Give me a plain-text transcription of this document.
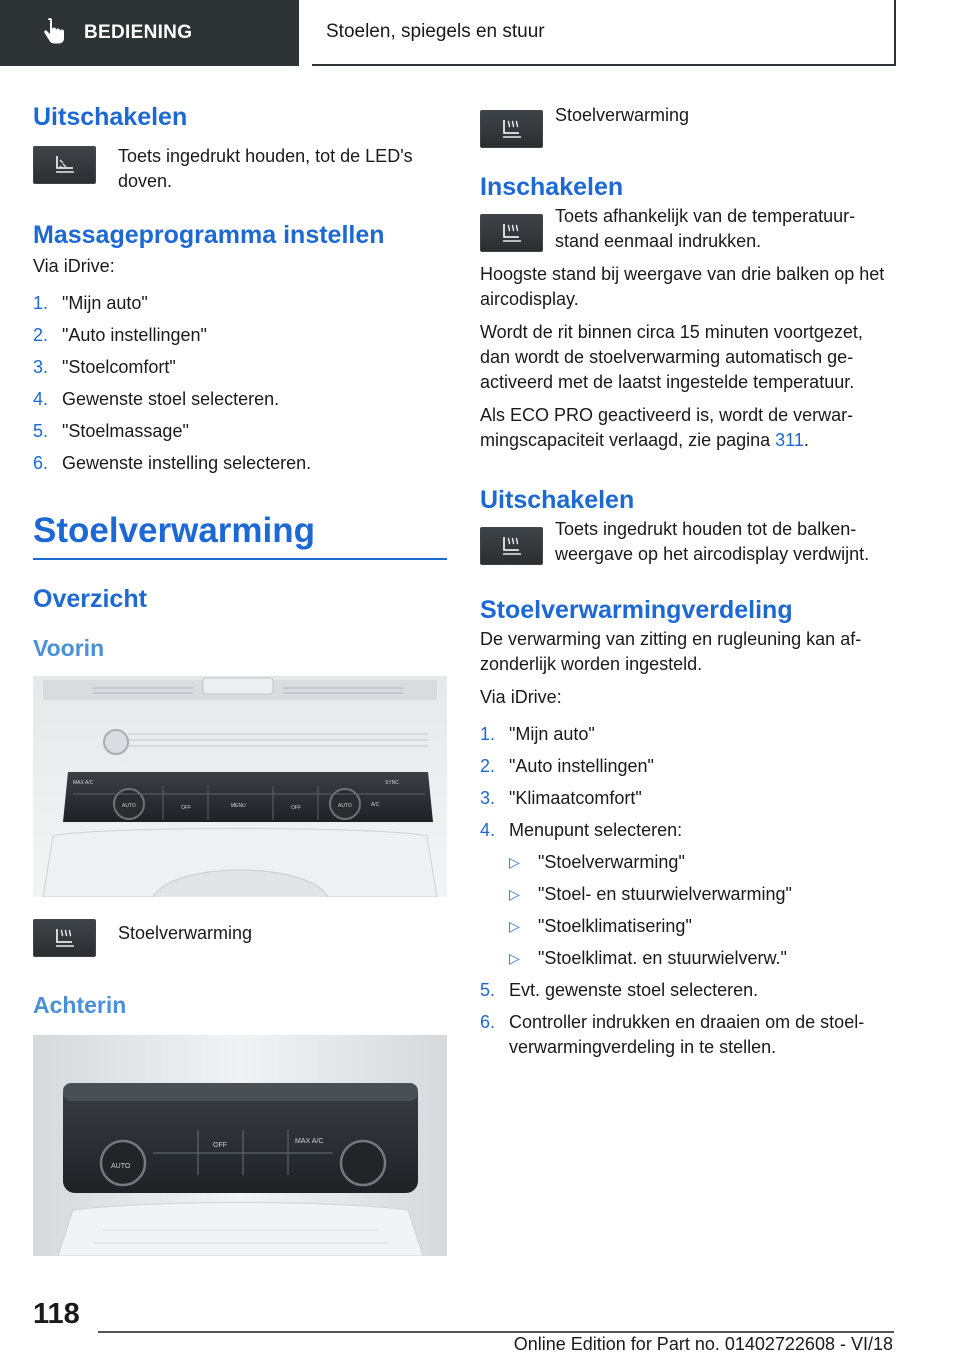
BEDIENING	Stoelen, spiegels en stuur
Uitschakelen
Toets ingedrukt houden, tot de LED's doven.
Massageprogramma instellen
Via iDrive:
1. "Mijn auto"
2. "Auto instellingen"
3. "Stoelcomfort"
4. Gewenste stoel selecteren.
5. "Stoelmassage"
6. Gewenste instelling selecteren.
Stoelverwarming
Overzicht
Voorin
MAX A/C
AUTO	AUTO	A/C
SYNC
MENU
OFF	OFF
Stoelverwarming
Achterin
AUTO
OFF
MAX A/C
Stoelverwarming
Inschakelen
Toets afhankelijk van de temperatuur-stand eenmaal indrukken.
Hoogste stand bij weergave van drie balken op het aircodisplay.
Wordt de rit binnen circa 15 minuten voortgezet, dan wordt de stoelverwarming automatisch ge-activeerd met de laatst ingestelde temperatuur.
Als ECO PRO geactiveerd is, wordt de verwar-mingscapaciteit verlaagd, zie pagina 311.
Uitschakelen
Toets ingedrukt houden tot de balken-weergave op het aircodisplay verdwijnt.
Stoelverwarmingverdeling
De verwarming van zitting en rugleuning kan af-zonderlijk worden ingesteld.
Via iDrive:
1. "Mijn auto"
2. "Auto instellingen"
3. "Klimaatcomfort"
4. Menupunt selecteren:
▷	"Stoelverwarming"
▷	"Stoel- en stuurwielverwarming"
▷	"Stoelklimatisering"
▷	"Stoelklimat. en stuurwielverw."
5. Evt. gewenste stoel selecteren.
6. Controller indrukken en draaien om de stoel-verwarmingverdeling in te stellen.
118
Online Edition for Part no. 01402722608 - VI/18
